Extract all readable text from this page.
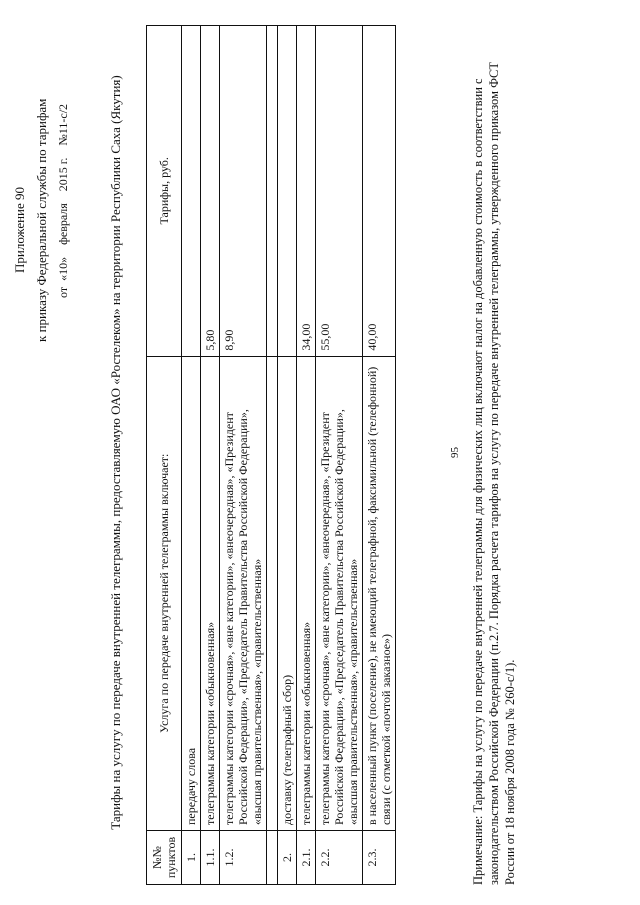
Приложение 90 к приказу Федеральной службы по тарифам от  «10»    февраля    2015 г.    №11-с/2	Тарифы на услугу по передаче внутренней телеграммы, предоставляемую ОАО «Ростелеком» на территории Республики Саха (Якутия)
№№ пунктов	Услуга по передаче внутренней телеграммы включает:	Тарифы, руб.
1.	передачу слова	
1.1.	телеграммы категории «обыкновенная»	5,80
1.2.	телеграммы категории «срочная», «вне категории», «внеочередная», «Президент Российской Федерации», «Председатель Правительства Российской Федерации», «высшая правительственная», «правительственная»	8,90

2.	доставку (телеграфный сбор)	
2.1.	телеграммы категории «обыкновенная»	34,00
2.2.	телеграммы категории «срочная», «вне категории», «внеочередная», «Президент Российской Федерации», «Председатель Правительства Российской Федерации», «высшая правительственная», «правительственная»	55,00
2.3.	в населенный пункт (поселение), не имеющий телеграфной, факсимильной (телефонной) связи (с отметкой «почтой заказное»)	40,00
95 Примечание: Тарифы на услугу по передаче внутренней телеграммы для физических лиц включают налог на добавленную стоимость в соответствии с законодательством Российской Федерации (п.2.7. Порядка расчета тарифов на услугу по передаче внутренней телеграммы, утвержденного приказом ФСТ России от 18 ноября 2008 года № 260-с/1).
